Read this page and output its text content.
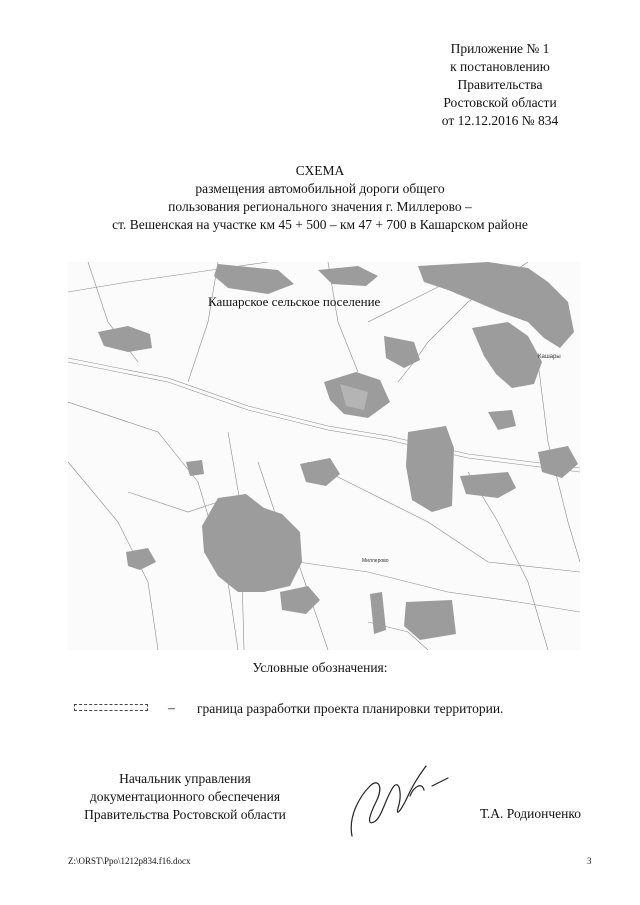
Приложение № 1
к постановлению
Правительства
Ростовской области
от 12.12.2016 № 834
СХЕМА
размещения автомобильной дороги общего
пользования регионального значения г. Миллерово –
ст. Вешенская на участке км 45 + 500 – км 47 + 700 в Кашарском районе
Кашарское сельское поселение
Кашары
Миллерово
Условные обозначения:
– граница разработки проекта планировки территории.
Начальник управления
документационного обеспечения
Правительства Ростовской области	Т.А. Родионченко
Z:\ORST\Ppo\1212p834.f16.docx	3
